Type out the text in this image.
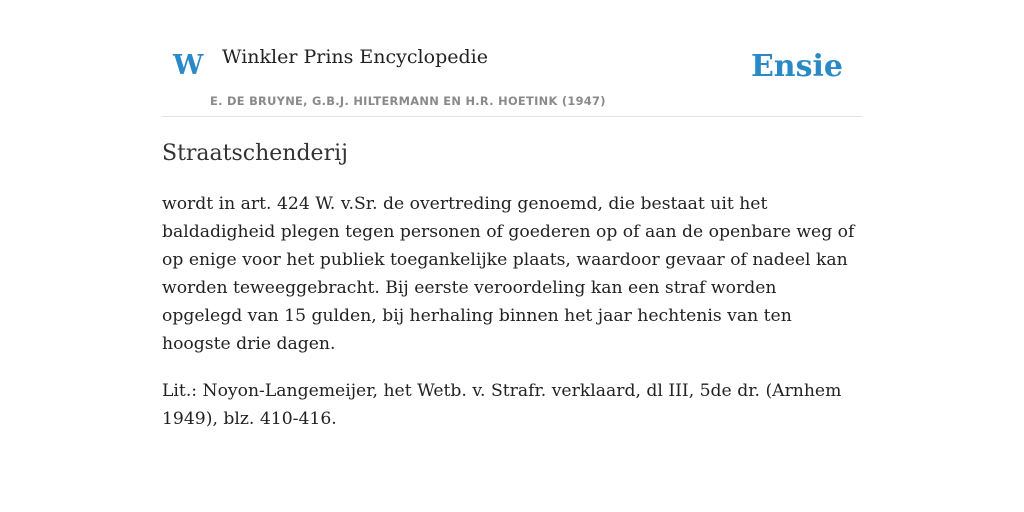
W Winkler Prins Encyclopedie
E. DE BRUYNE, G.B.J. HILTERMANN EN H.R. HOETINK (1947)
Ensie
Straatschenderij

wordt in art. 424 W. v.Sr. de overtreding genoemd, die bestaat uit het baldadigheid plegen tegen personen of goederen op of aan de openbare weg of op enige voor het publiek toegankelijke plaats, waardoor gevaar of nadeel kan worden teweeggebracht. Bij eerste veroordeling kan een straf worden opgelegd van 15 gulden, bij herhaling binnen het jaar hechtenis van ten hoogste drie dagen.

Lit.: Noyon-Langemeijer, het Wetb. v. Strafr. verklaard, dl III, 5de dr. (Arnhem 1949), blz. 410-416.
